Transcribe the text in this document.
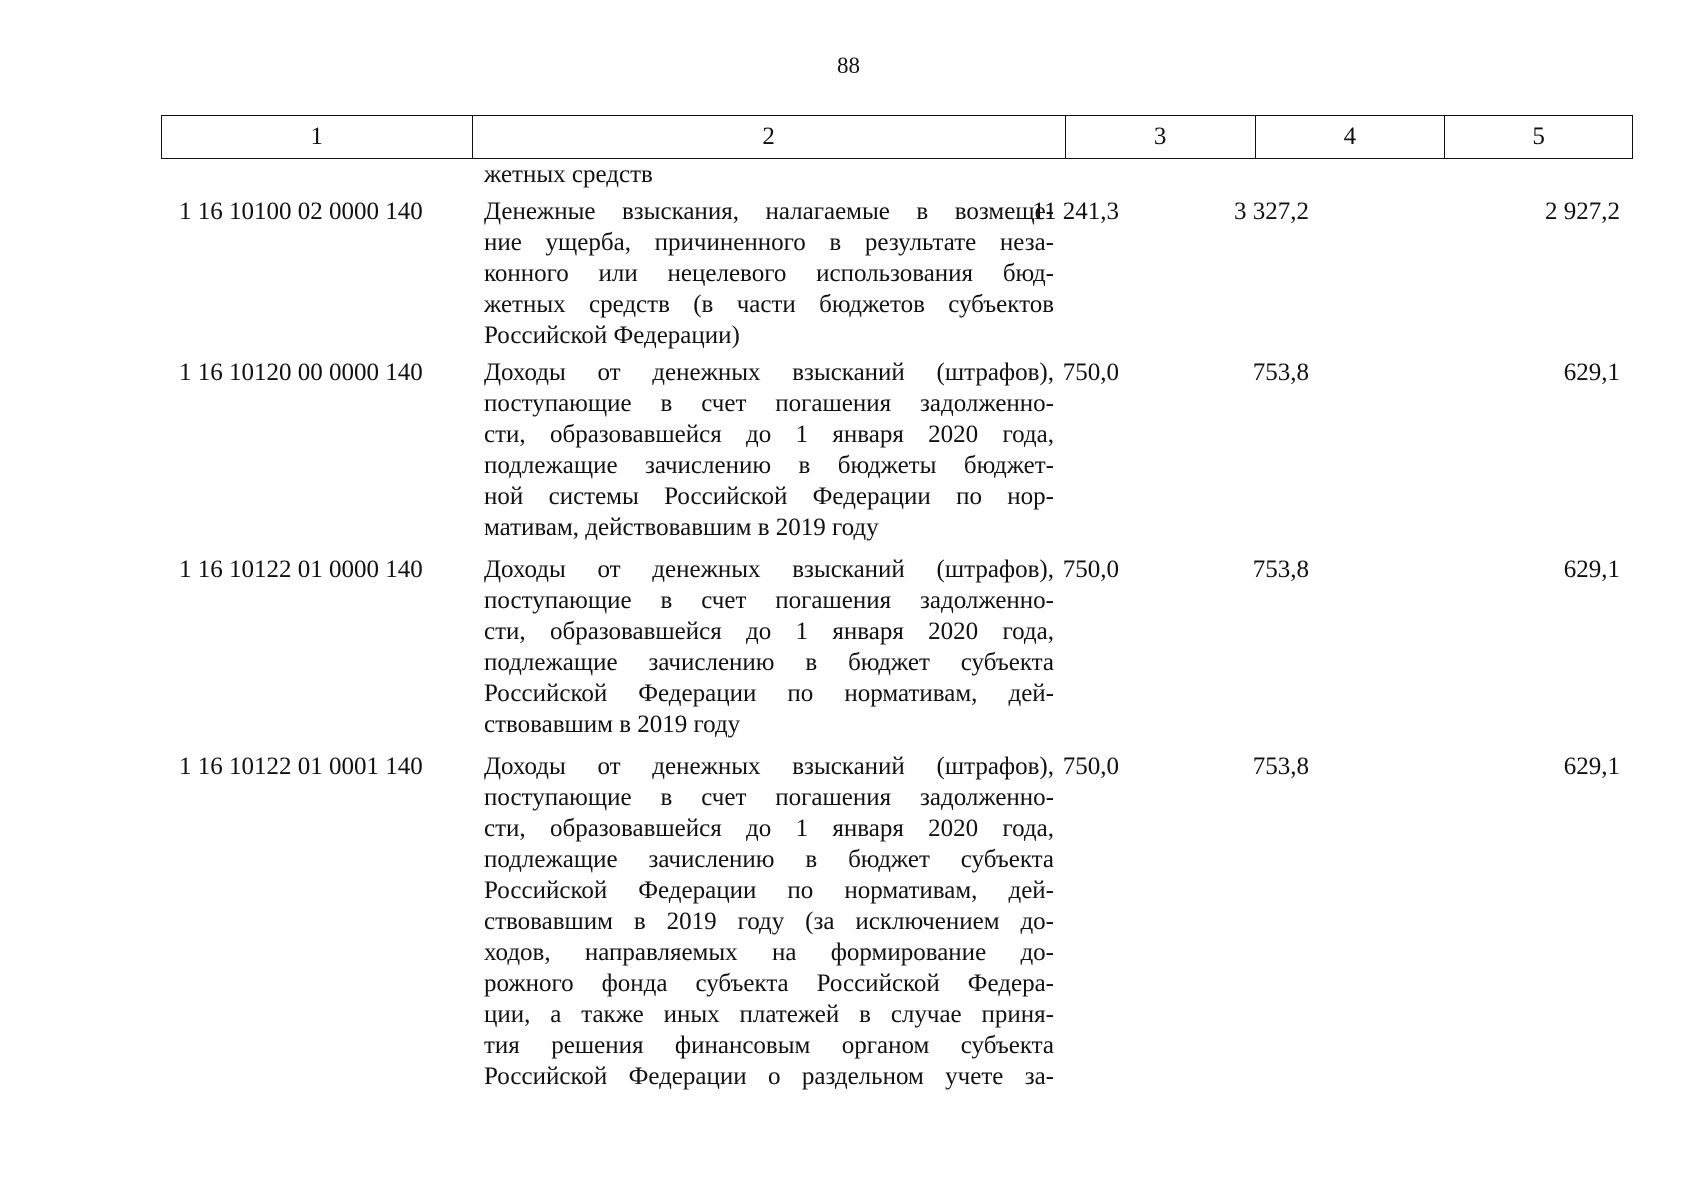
88
1	2	3	4	5
жетных средств
1 16 10100 02 0000 140 Денежные взыскания, налагаемые в возмеще-
ние ущерба, причиненного в результате неза-
конного или нецелевого использования бюд-
жетных средств (в части бюджетов субъектов
Российской Федерации)
11 241,3	3 327,2	2 927,2
1 16 10120 00 0000 140 Доходы от денежных взысканий (штрафов),
поступающие в счет погашения задолженно-
сти, образовавшейся до 1 января 2020 года,
подлежащие зачислению в бюджеты бюджет-
ной системы Российской Федерации по нор-
мативам, действовавшим в 2019 году
750,0	753,8	629,1
1 16 10122 01 0000 140 Доходы от денежных взысканий (штрафов),
поступающие в счет погашения задолженно-
сти, образовавшейся до 1 января 2020 года,
подлежащие зачислению в бюджет субъекта
Российской Федерации по нормативам, дей-
ствовавшим в 2019 году
750,0	753,8	629,1
1 16 10122 01 0001 140 Доходы от денежных взысканий (штрафов),
поступающие в счет погашения задолженно-
сти, образовавшейся до 1 января 2020 года,
подлежащие зачислению в бюджет субъекта
Российской Федерации по нормативам, дей-
ствовавшим в 2019 году (за исключением до-
ходов, направляемых на формирование до-
рожного фонда субъекта Российской Федера-
ции, а также иных платежей в случае приня-
тия решения финансовым органом субъекта
Российской Федерации о раздельном учете за-
750,0	753,8	629,1
